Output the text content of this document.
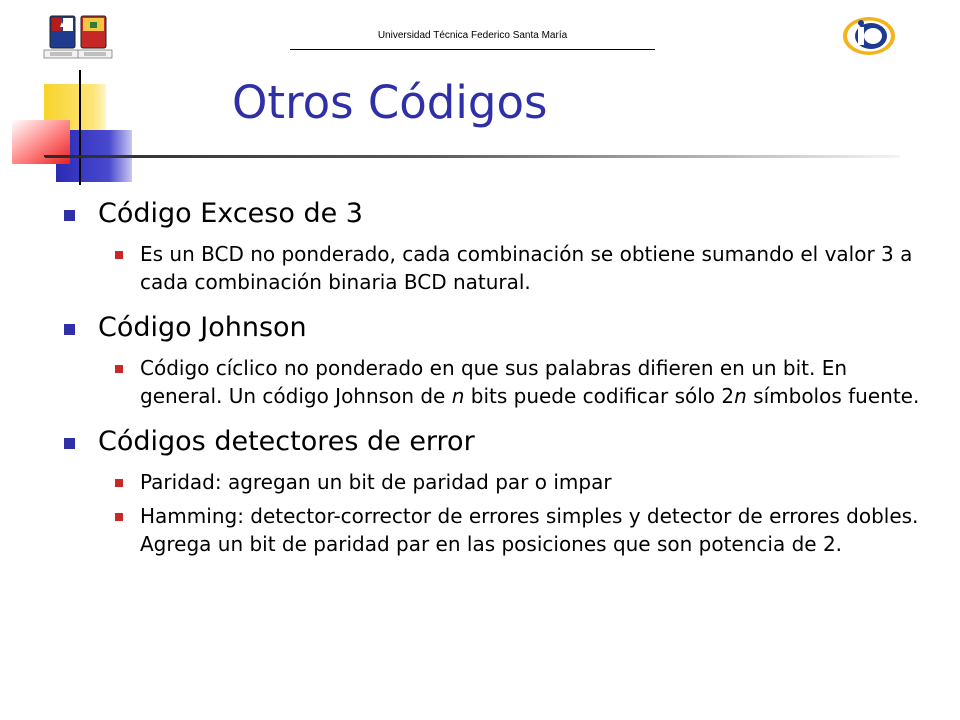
Universidad Técnica Federico Santa María
Otros Códigos
Código Exceso de 3
Es un BCD no ponderado, cada combinación se obtiene sumando el valor 3 a cada combinación binaria BCD natural.
Código Johnson
Código cíclico no ponderado en que sus palabras difieren en un bit. En general. Un código Johnson de n bits puede codificar sólo 2n símbolos fuente.
Códigos detectores de error
Paridad: agregan un bit de paridad par o impar
Hamming: detector-corrector de errores simples y detector de errores dobles. Agrega un bit de paridad par en las posiciones que son potencia de 2.
